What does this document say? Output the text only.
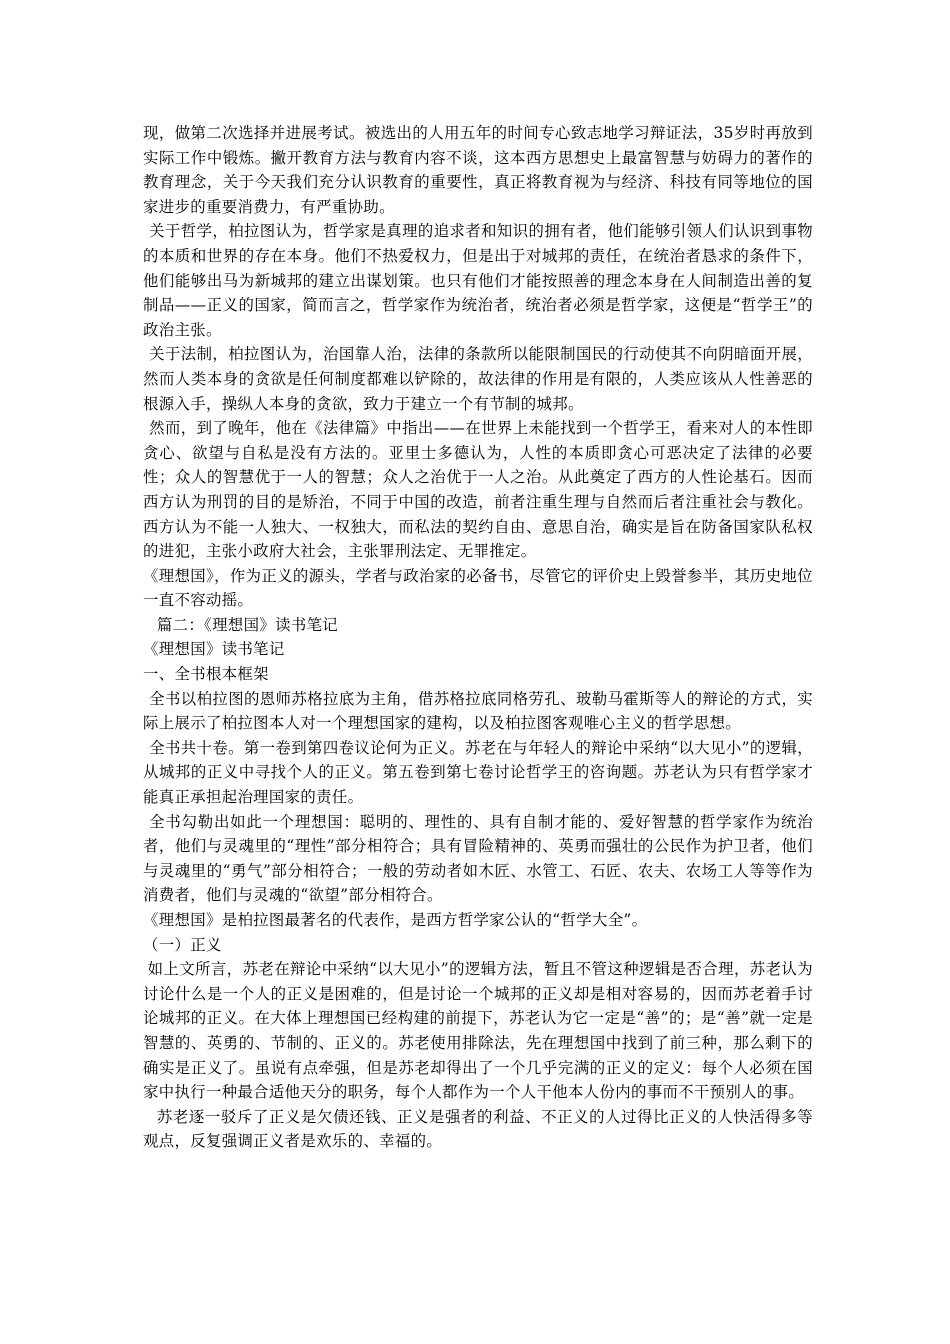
现，做第二次选择并进展考试。被选出的人用五年的时间专心致志地学习辩证法，35岁时再放到实际工作中锻炼。撇开教育方法与教育内容不谈，这本西方思想史上最富智慧与妨碍力的著作的教育理念，关于今天我们充分认识教育的重要性，真正将教育视为与经济、科技有同等地位的国家进步的重要消费力，有严重协助。

关于哲学，柏拉图认为，哲学家是真理的追求者和知识的拥有者，他们能够引领人们认识到事物的本质和世界的存在本身。他们不热爱权力，但是出于对城邦的责任，在统治者恳求的条件下，他们能够出马为新城邦的建立出谋划策。也只有他们才能按照善的理念本身在人间制造出善的复制品——正义的国家，简而言之，哲学家作为统治者，统治者必须是哲学家，这便是“哲学王”的政治主张。

关于法制，柏拉图认为，治国靠人治，法律的条款所以能限制国民的行动使其不向阴暗面开展，然而人类本身的贪欲是任何制度都难以铲除的，故法律的作用是有限的，人类应该从人性善恶的根源入手，操纵人本身的贪欲，致力于建立一个有节制的城邦。

然而，到了晚年，他在《法律篇》中指出——在世界上未能找到一个哲学王，看来对人的本性即贪心、欲望与自私是没有方法的。亚里士多德认为，人性的本质即贪心可恶决定了法律的必要性；众人的智慧优于一人的智慧；众人之治优于一人之治。从此奠定了西方的人性论基石。因而西方认为刑罚的目的是矫治，不同于中国的改造，前者注重生理与自然而后者注重社会与教化。西方认为不能一人独大、一权独大，而私法的契约自由、意思自治，确实是旨在防备国家队私权的进犯，主张小政府大社会，主张罪刑法定、无罪推定。

《理想国》，作为正义的源头，学者与政治家的必备书，尽管它的评价史上毁誉参半，其历史地位一直不容动摇。

篇二：《理想国》读书笔记

《理想国》读书笔记

一、全书根本框架

全书以柏拉图的恩师苏格拉底为主角，借苏格拉底同格劳孔、玻勒马霍斯等人的辩论的方式，实际上展示了柏拉图本人对一个理想国家的建构，以及柏拉图客观唯心主义的哲学思想。

全书共十卷。第一卷到第四卷议论何为正义。苏老在与年轻人的辩论中采纳“以大见小”的逻辑，从城邦的正义中寻找个人的正义。第五卷到第七卷讨论哲学王的咨询题。苏老认为只有哲学家才能真正承担起治理国家的责任。

全书勾勒出如此一个理想国：聪明的、理性的、具有自制才能的、爱好智慧的哲学家作为统治者，他们与灵魂里的“理性”部分相符合；具有冒险精神的、英勇而强壮的公民作为护卫者，他们与灵魂里的“勇气”部分相符合；一般的劳动者如木匠、水管工、石匠、农夫、农场工人等等作为消费者，他们与灵魂的“欲望”部分相符合。

《理想国》是柏拉图最著名的代表作，是西方哲学家公认的“哲学大全”。

（一）正义

如上文所言，苏老在辩论中采纳“以大见小”的逻辑方法，暂且不管这种逻辑是否合理，苏老认为讨论什么是一个人的正义是困难的，但是讨论一个城邦的正义却是相对容易的，因而苏老着手讨论城邦的正义。在大体上理想国已经构建的前提下，苏老认为它一定是“善”的；是“善”就一定是智慧的、英勇的、节制的、正义的。苏老使用排除法，先在理想国中找到了前三种，那么剩下的确实是正义了。虽说有点牵强，但是苏老却得出了一个几乎完满的正义的定义：每个人必须在国家中执行一种最合适他天分的职务，每个人都作为一个人干他本人份内的事而不干预别人的事。

苏老逐一驳斥了正义是欠债还钱、正义是强者的利益、不正义的人过得比正义的人快活得多等观点，反复强调正义者是欢乐的、幸福的。
